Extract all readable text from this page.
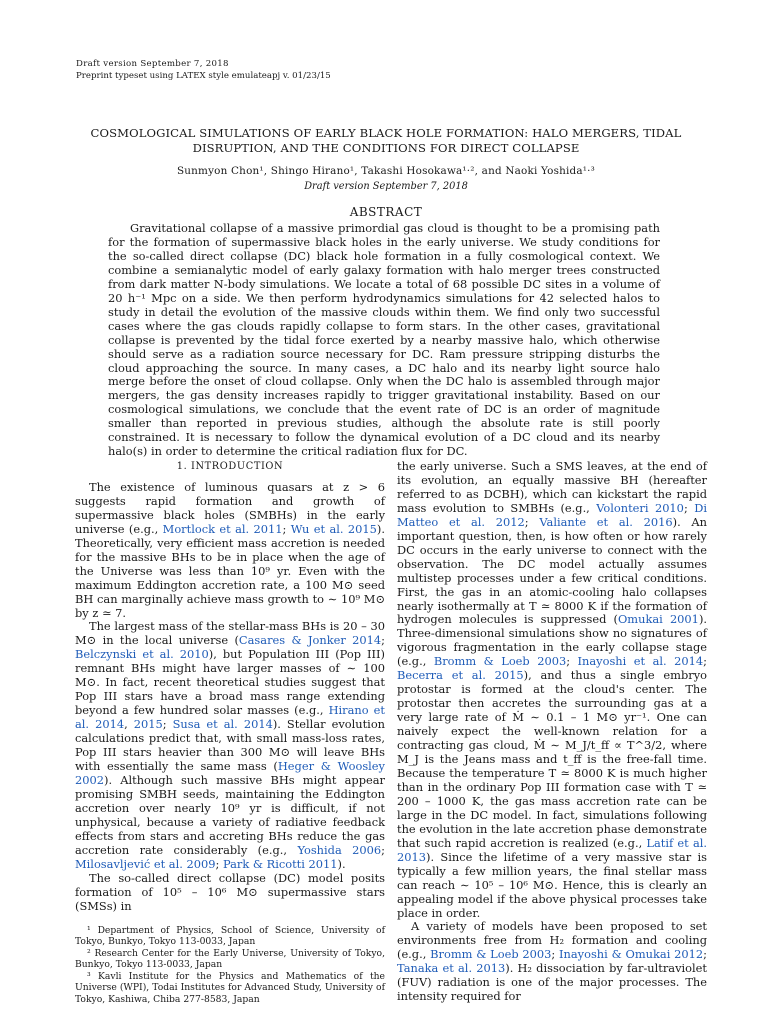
Draft version September 7, 2018
Preprint typeset using LATEX style emulateapj v. 01/23/15
COSMOLOGICAL SIMULATIONS OF EARLY BLACK HOLE FORMATION: HALO MERGERS, TIDAL DISRUPTION, AND THE CONDITIONS FOR DIRECT COLLAPSE
Sunmyon Chon¹, Shingo Hirano¹, Takashi Hosokawa¹·², and Naoki Yoshida¹·³
Draft version September 7, 2018
ABSTRACT

Gravitational collapse of a massive primordial gas cloud is thought to be a promising path for the formation of supermassive black holes in the early universe. We study conditions for the so-called direct collapse (DC) black hole formation in a fully cosmological context. We combine a semianalytic model of early galaxy formation with halo merger trees constructed from dark matter N-body simulations. We locate a total of 68 possible DC sites in a volume of 20 h⁻¹ Mpc on a side. We then perform hydrodynamics simulations for 42 selected halos to study in detail the evolution of the massive clouds within them. We find only two successful cases where the gas clouds rapidly collapse to form stars. In the other cases, gravitational collapse is prevented by the tidal force exerted by a nearby massive halo, which otherwise should serve as a radiation source necessary for DC. Ram pressure stripping disturbs the cloud approaching the source. In many cases, a DC halo and its nearby light source halo merge before the onset of cloud collapse. Only when the DC halo is assembled through major mergers, the gas density increases rapidly to trigger gravitational instability. Based on our cosmological simulations, we conclude that the event rate of DC is an order of magnitude smaller than reported in previous studies, although the absolute rate is still poorly constrained. It is necessary to follow the dynamical evolution of a DC cloud and its nearby halo(s) in order to determine the critical radiation flux for DC.

1. INTRODUCTION

The existence of luminous quasars at z > 6 suggests rapid formation and growth of supermassive black holes (SMBHs) in the early universe (e.g., Mortlock et al. 2011; Wu et al. 2015). Theoretically, very efficient mass accretion is needed for the massive BHs to be in place when the age of the Universe was less than 10⁹ yr. Even with the maximum Eddington accretion rate, a 100 M⊙ seed BH can marginally achieve mass growth to ∼ 10⁹ M⊙ by z ≃ 7.

The largest mass of the stellar-mass BHs is 20 – 30 M⊙ in the local universe (Casares & Jonker 2014; Belczynski et al. 2010), but Population III (Pop III) remnant BHs might have larger masses of ∼ 100 M⊙. In fact, recent theoretical studies suggest that Pop III stars have a broad mass range extending beyond a few hundred solar masses (e.g., Hirano et al. 2014, 2015; Susa et al. 2014). Stellar evolution calculations predict that, with small mass-loss rates, Pop III stars heavier than 300 M⊙ will leave BHs with essentially the same mass (Heger & Woosley 2002). Although such massive BHs might appear promising SMBH seeds, maintaining the Eddington accretion over nearly 10⁹ yr is difficult, if not unphysical, because a variety of radiative feedback effects from stars and accreting BHs reduce the gas accretion rate considerably (e.g., Yoshida 2006; Milosavljević et al. 2009; Park & Ricotti 2011).

The so-called direct collapse (DC) model posits formation of 10⁵ – 10⁶ M⊙ supermassive stars (SMSs) in

¹ Department of Physics, School of Science, University of Tokyo, Bunkyo, Tokyo 113-0033, Japan

² Research Center for the Early Universe, University of Tokyo, Bunkyo, Tokyo 113-0033, Japan

³ Kavli Institute for the Physics and Mathematics of the Universe (WPI), Todai Institutes for Advanced Study, University of Tokyo, Kashiwa, Chiba 277-8583, Japan

the early universe. Such a SMS leaves, at the end of its evolution, an equally massive BH (hereafter referred to as DCBH), which can kickstart the rapid mass evolution to SMBHs (e.g., Volonteri 2010; Di Matteo et al. 2012; Valiante et al. 2016). An important question, then, is how often or how rarely DC occurs in the early universe to connect with the observation. The DC model actually assumes multistep processes under a few critical conditions. First, the gas in an atomic-cooling halo collapses nearly isothermally at T ≃ 8000 K if the formation of hydrogen molecules is suppressed (Omukai 2001). Three-dimensional simulations show no signatures of vigorous fragmentation in the early collapse stage (e.g., Bromm & Loeb 2003; Inayoshi et al. 2014; Becerra et al. 2015), and thus a single embryo protostar is formed at the cloud's center. The protostar then accretes the surrounding gas at a very large rate of Ṁ ∼ 0.1 – 1 M⊙ yr⁻¹. One can naively expect the well-known relation for a contracting gas cloud, Ṁ ∼ M_J/t_ff ∝ T^3/2, where M_J is the Jeans mass and t_ff is the free-fall time. Because the temperature T ≃ 8000 K is much higher than in the ordinary Pop III formation case with T ≃ 200 – 1000 K, the gas mass accretion rate can be large in the DC model. In fact, simulations following the evolution in the late accretion phase demonstrate that such rapid accretion is realized (e.g., Latif et al. 2013). Since the lifetime of a very massive star is typically a few million years, the final stellar mass can reach ∼ 10⁵ – 10⁶ M⊙. Hence, this is clearly an appealing model if the above physical processes take place in order.

A variety of models have been proposed to set environments free from H₂ formation and cooling (e.g., Bromm & Loeb 2003; Inayoshi & Omukai 2012; Tanaka et al. 2013). H₂ dissociation by far-ultraviolet (FUV) radiation is one of the major processes. The intensity required for
